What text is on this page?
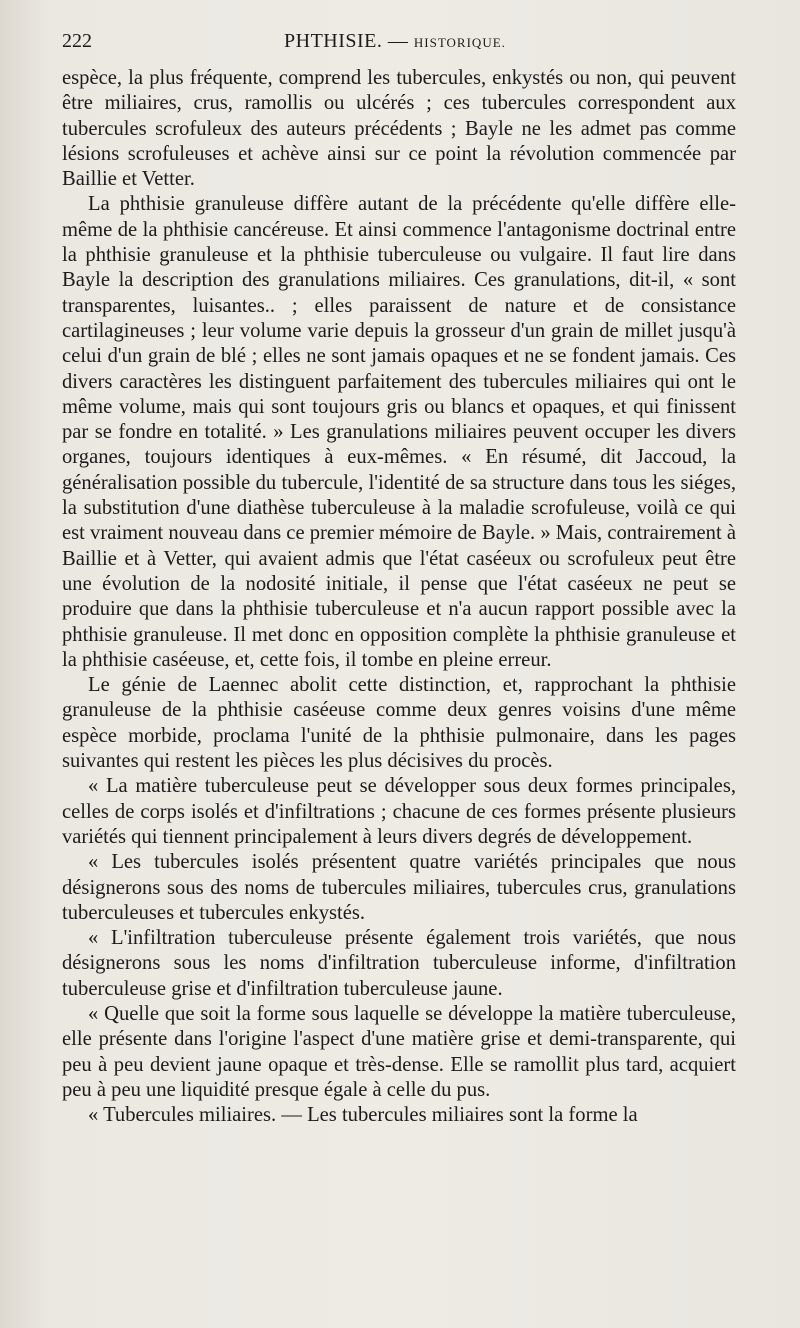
222	PHTHISIE. — HISTORIQUE.

espèce, la plus fréquente, comprend les tubercules, enkystés ou non, qui peuvent être miliaires, crus, ramollis ou ulcérés ; ces tubercules correspondent aux tubercules scrofuleux des auteurs précédents ; Bayle ne les admet pas comme lésions scrofuleuses et achève ainsi sur ce point la révolution commencée par Baillie et Vetter.

La phthisie granuleuse diffère autant de la précédente qu'elle diffère elle-même de la phthisie cancéreuse. Et ainsi commence l'antagonisme doctrinal entre la phthisie granuleuse et la phthisie tuberculeuse ou vulgaire. Il faut lire dans Bayle la description des granulations miliaires. Ces granulations, dit-il, « sont transparentes, luisantes.. ; elles paraissent de nature et de consistance cartilagineuses ; leur volume varie depuis la grosseur d'un grain de millet jusqu'à celui d'un grain de blé ; elles ne sont jamais opaques et ne se fondent jamais. Ces divers caractères les distinguent parfaitement des tubercules miliaires qui ont le même volume, mais qui sont toujours gris ou blancs et opaques, et qui finissent par se fondre en totalité. » Les granulations miliaires peuvent occuper les divers organes, toujours identiques à eux-mêmes. « En résumé, dit Jaccoud, la généralisation possible du tubercule, l'identité de sa structure dans tous les siéges, la substitution d'une diathèse tuberculeuse à la maladie scrofuleuse, voilà ce qui est vraiment nouveau dans ce premier mémoire de Bayle. » Mais, contrairement à Baillie et à Vetter, qui avaient admis que l'état caséeux ou scrofuleux peut être une évolution de la nodosité initiale, il pense que l'état caséeux ne peut se produire que dans la phthisie tuberculeuse et n'a aucun rapport possible avec la phthisie granuleuse. Il met donc en opposition complète la phthisie granuleuse et la phthisie caséeuse, et, cette fois, il tombe en pleine erreur.

Le génie de Laennec abolit cette distinction, et, rapprochant la phthisie granuleuse de la phthisie caséeuse comme deux genres voisins d'une même espèce morbide, proclama l'unité de la phthisie pulmonaire, dans les pages suivantes qui restent les pièces les plus décisives du procès.

« La matière tuberculeuse peut se développer sous deux formes principales, celles de corps isolés et d'infiltrations ; chacune de ces formes présente plusieurs variétés qui tiennent principalement à leurs divers degrés de développement.

« Les tubercules isolés présentent quatre variétés principales que nous désignerons sous des noms de tubercules miliaires, tubercules crus, granulations tuberculeuses et tubercules enkystés.

« L'infiltration tuberculeuse présente également trois variétés, que nous désignerons sous les noms d'infiltration tuberculeuse informe, d'infiltration tuberculeuse grise et d'infiltration tuberculeuse jaune.

« Quelle que soit la forme sous laquelle se développe la matière tuberculeuse, elle présente dans l'origine l'aspect d'une matière grise et demi-transparente, qui peu à peu devient jaune opaque et très-dense. Elle se ramollit plus tard, acquiert peu à peu une liquidité presque égale à celle du pus.

« Tubercules miliaires. — Les tubercules miliaires sont la forme la
